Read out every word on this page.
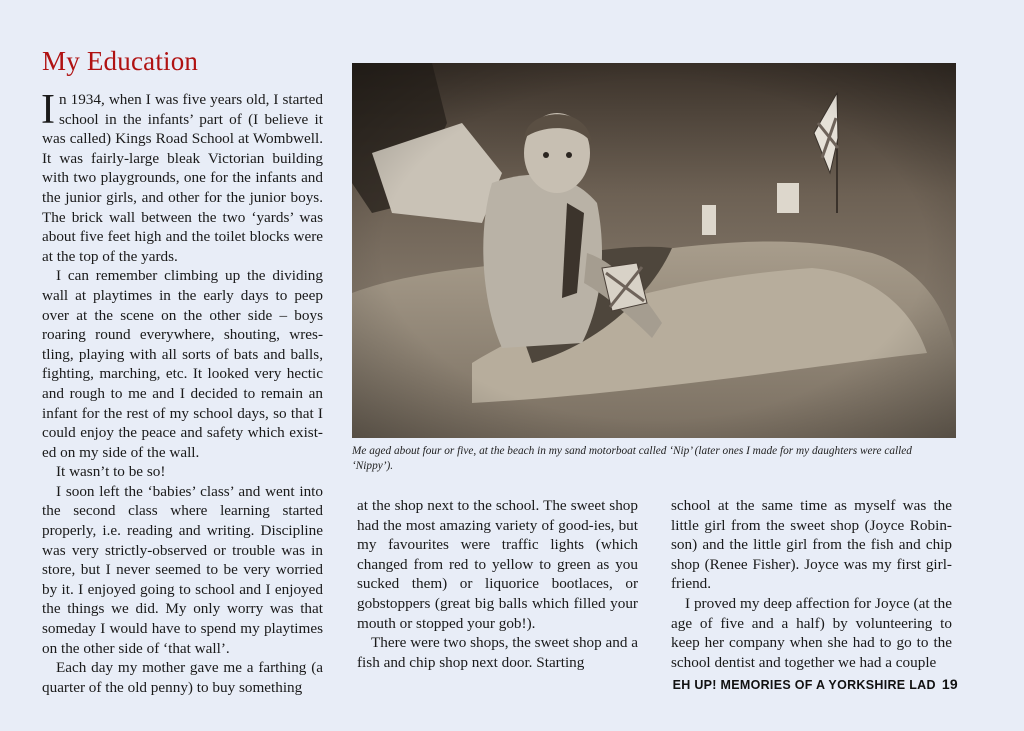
My Education

In 1934, when I was five years old, I started school in the infants’ part of (I believe it was called) Kings Road School at Wombwell. It was fairly-large bleak Victorian building with two playgrounds, one for the infants and the junior girls, and other for the junior boys. The brick wall between the two ‘yards’ was about five feet high and the toilet blocks were at the top of the yards.

I can remember climbing up the dividing wall at playtimes in the early days to peep over at the scene on the other side – boys roaring round everywhere, shouting, wres-tling, playing with all sorts of bats and balls, fighting, marching, etc. It looked very hectic and rough to me and I decided to remain an infant for the rest of my school days, so that I could enjoy the peace and safety which exist-ed on my side of the wall.

It wasn’t to be so!

I soon left the ‘babies’ class’ and went into the second class where learning started properly, i.e. reading and writing. Discipline was very strictly-observed or trouble was in store, but I never seemed to be very worried by it. I enjoyed going to school and I enjoyed the things we did. My only worry was that someday I would have to spend my playtimes on the other side of ‘that wall’.

Each day my mother gave me a farthing (a quarter of the old penny) to buy something

Me aged about four or five, at the beach in my sand motorboat called ‘Nip’ (later ones I made for my daughters were called ‘Nippy’).

at the shop next to the school. The sweet shop had the most amazing variety of good-ies, but my favourites were traffic lights (which changed from red to yellow to green as you sucked them) or liquorice bootlaces, or gobstoppers (great big balls which filled your mouth or stopped your gob!).

There were two shops, the sweet shop and a fish and chip shop next door. Starting

school at the same time as myself was the little girl from the sweet shop (Joyce Robin-son) and the little girl from the fish and chip shop (Renee Fisher). Joyce was my first girl-friend.

I proved my deep affection for Joyce (at the age of five and a half) by volunteering to keep her company when she had to go to the school dentist and together we had a couple

EH UP! MEMORIES OF A YORKSHIRE LAD 19
